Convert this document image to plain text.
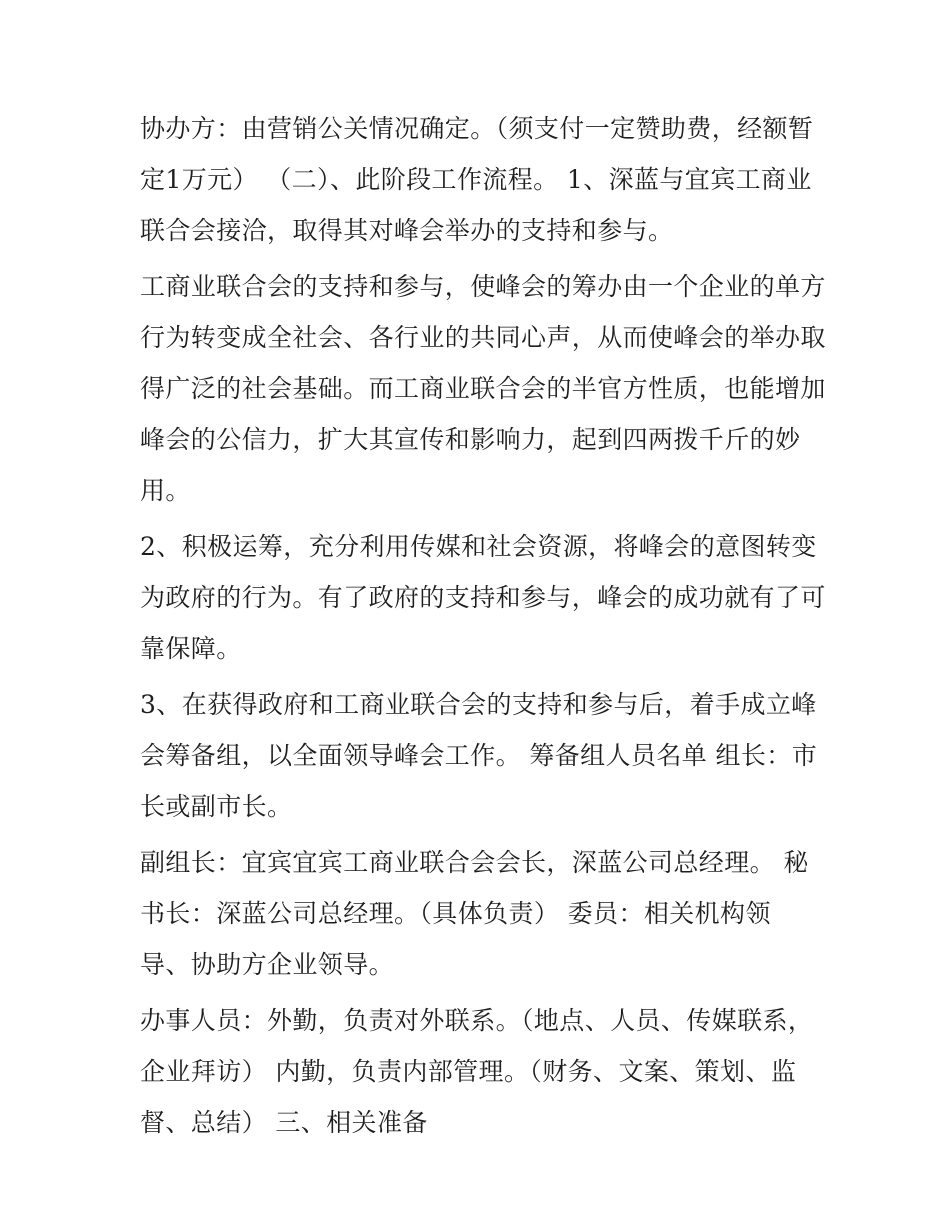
协办方：由营销公关情况确定。（须支付一定赞助费，经额暂
定1万元） （二）、此阶段工作流程。 1、深蓝与宜宾工商业
联合会接洽，取得其对峰会举办的支持和参与。
工商业联合会的支持和参与，使峰会的筹办由一个企业的单方
行为转变成全社会、各行业的共同心声，从而使峰会的举办取
得广泛的社会基础。而工商业联合会的半官方性质，也能增加
峰会的公信力，扩大其宣传和影响力，起到四两拨千斤的妙
用。
2、积极运筹，充分利用传媒和社会资源，将峰会的意图转变
为政府的行为。有了政府的支持和参与，峰会的成功就有了可
靠保障。
3、在获得政府和工商业联合会的支持和参与后，着手成立峰
会筹备组，以全面领导峰会工作。 筹备组人员名单 组长：市
长或副市长。
副组长：宜宾宜宾工商业联合会会长，深蓝公司总经理。 秘
书长：深蓝公司总经理。（具体负责） 委员：相关机构领
导、协助方企业领导。
办事人员：外勤，负责对外联系。（地点、人员、传媒联系，
企业拜访） 内勤，负责内部管理。（财务、文案、策划、监
督、总结） 三、相关准备
